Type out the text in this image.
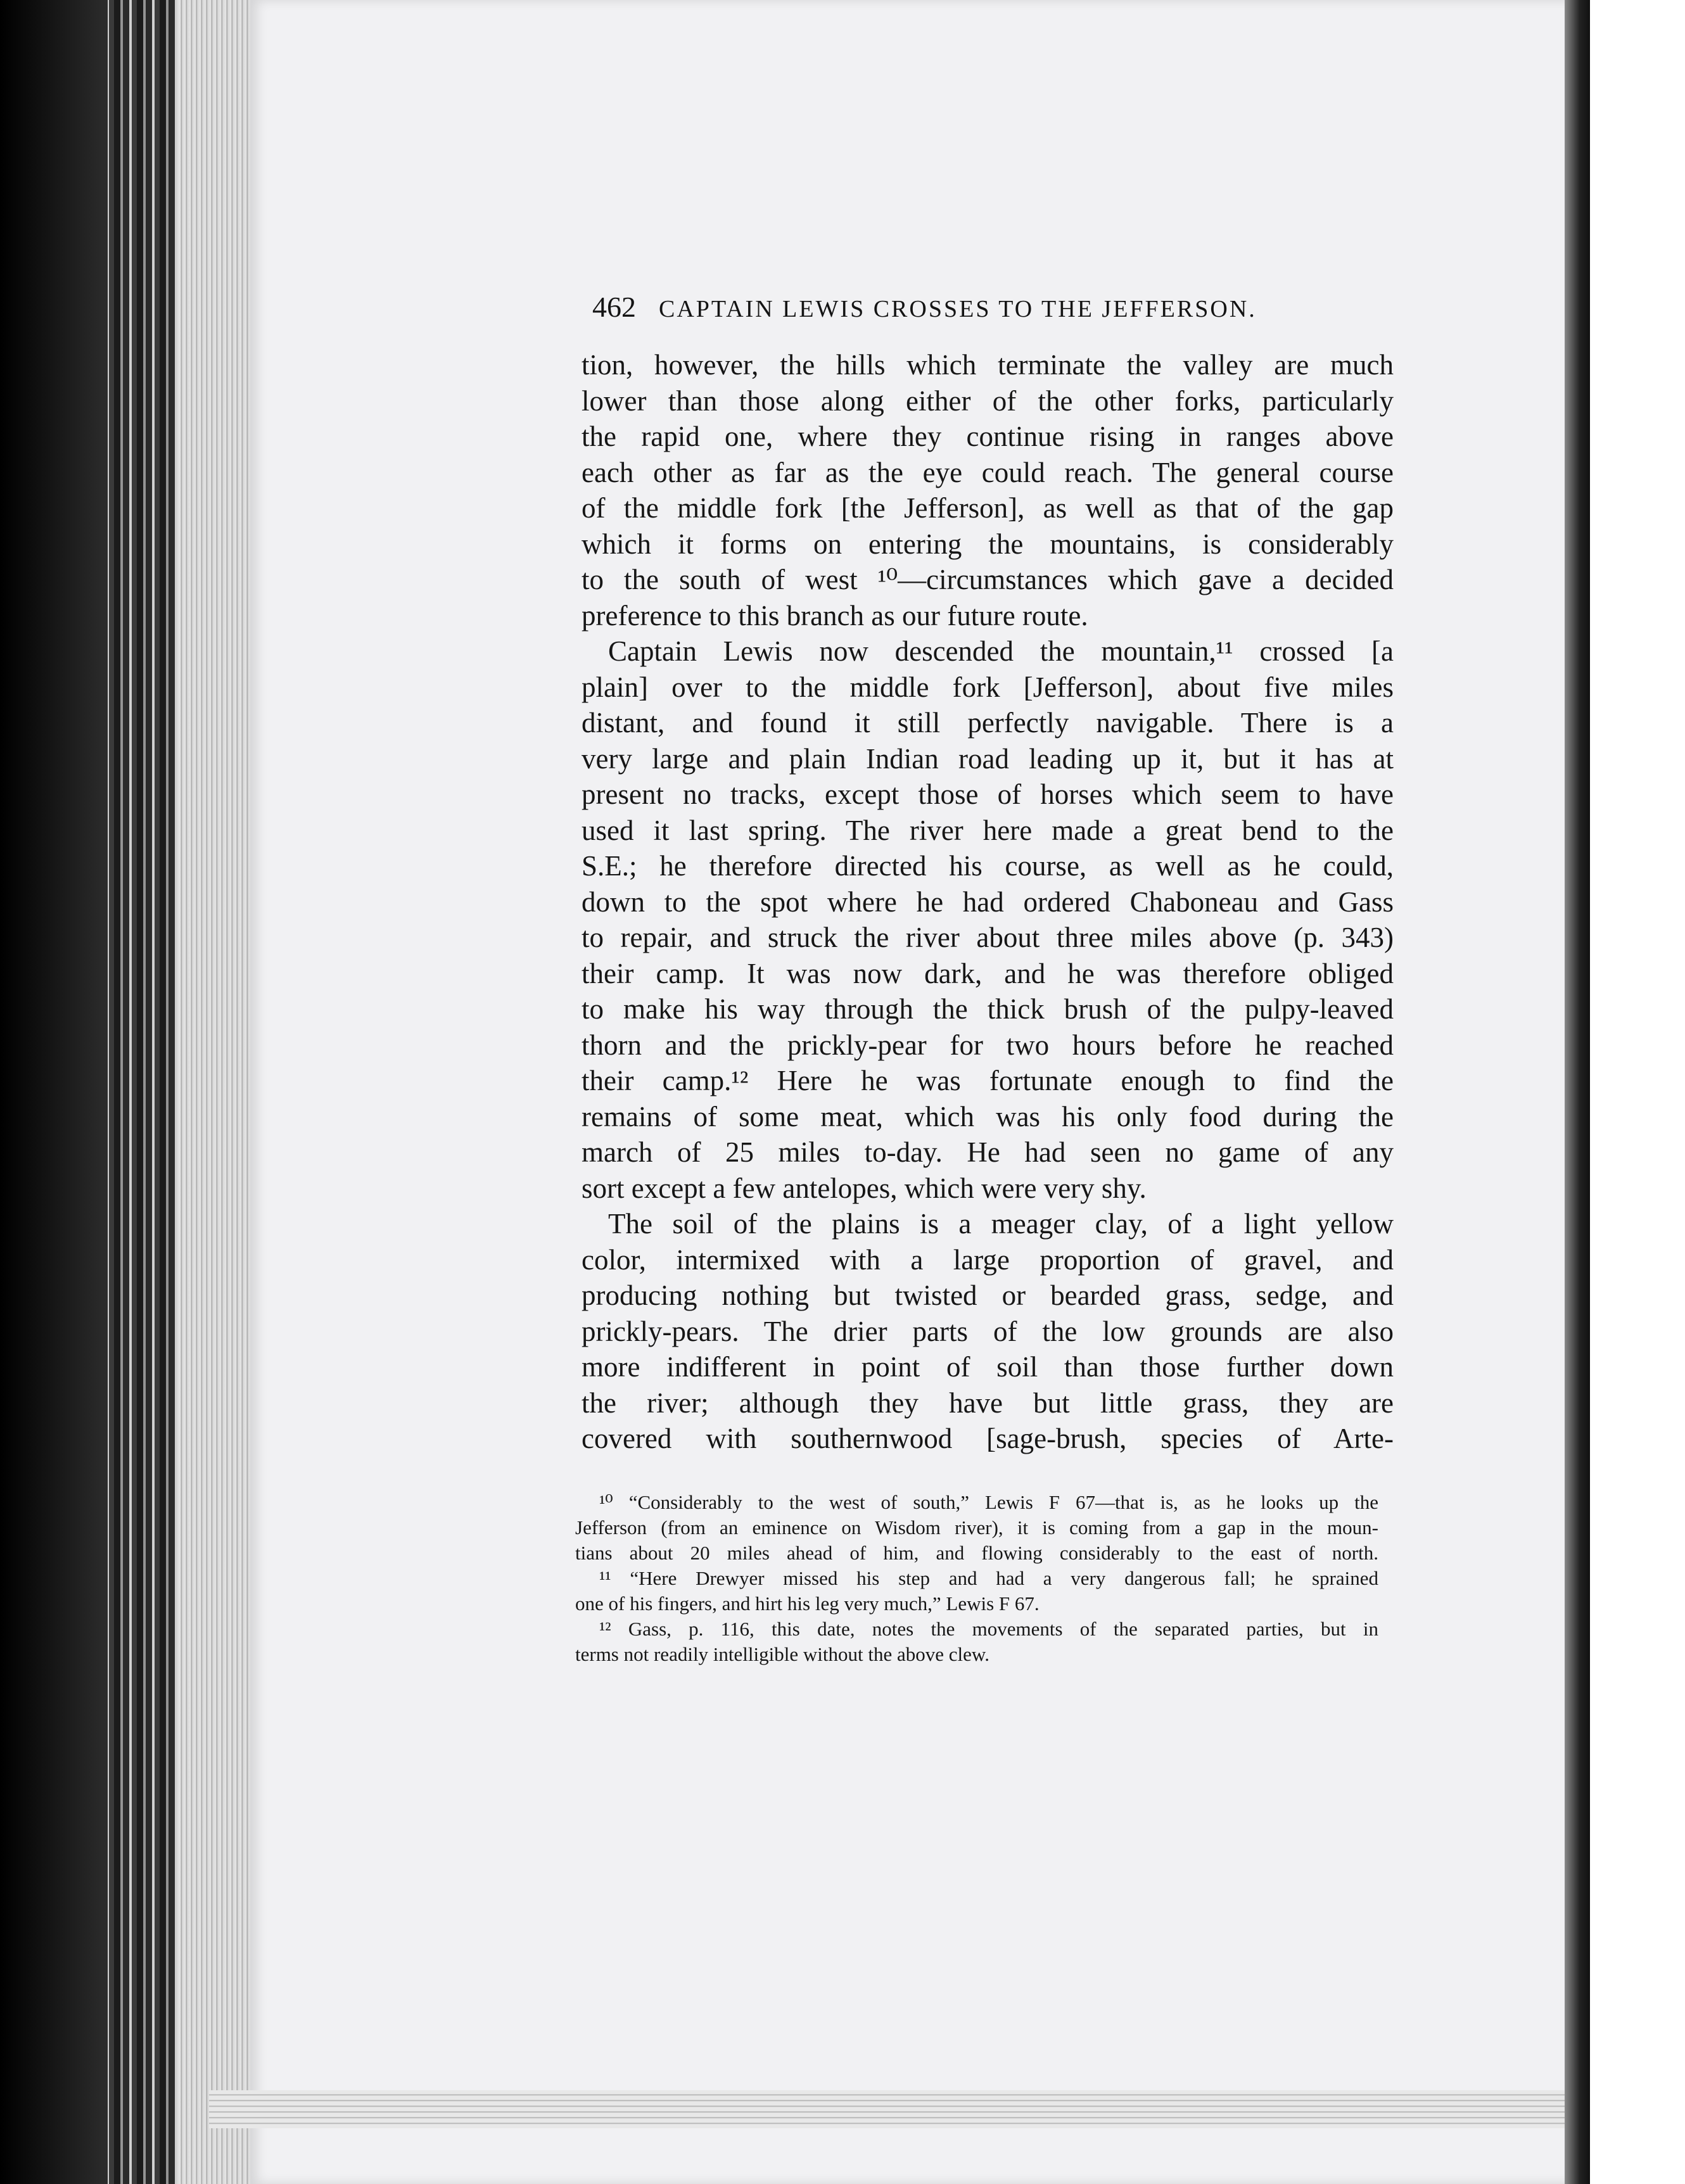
462 CAPTAIN LEWIS CROSSES TO THE JEFFERSON.
tion, however, the hills which terminate the valley are much
lower than those along either of the other forks, particularly
the rapid one, where they continue rising in ranges above
each other as far as the eye could reach. The general course
of the middle fork [the Jefferson], as well as that of the gap
which it forms on entering the mountains, is considerably
to the south of west ¹⁰—circumstances which gave a decided
preference to this branch as our future route.
Captain Lewis now descended the mountain,¹¹ crossed [a
plain] over to the middle fork [Jefferson], about five miles
distant, and found it still perfectly navigable. There is a
very large and plain Indian road leading up it, but it has at
present no tracks, except those of horses which seem to have
used it last spring. The river here made a great bend to the
S.E.; he therefore directed his course, as well as he could,
down to the spot where he had ordered Chaboneau and Gass
to repair, and struck the river about three miles above (p. 343)
their camp. It was now dark, and he was therefore obliged
to make his way through the thick brush of the pulpy-leaved
thorn and the prickly-pear for two hours before he reached
their camp.¹² Here he was fortunate enough to find the
remains of some meat, which was his only food during the
march of 25 miles to-day. He had seen no game of any
sort except a few antelopes, which were very shy.
The soil of the plains is a meager clay, of a light yellow
color, intermixed with a large proportion of gravel, and
producing nothing but twisted or bearded grass, sedge, and
prickly-pears. The drier parts of the low grounds are also
more indifferent in point of soil than those further down
the river; although they have but little grass, they are
covered with southernwood [sage-brush, species of Arte-
¹⁰ “Considerably to the west of south,” Lewis F 67—that is, as he looks up the
Jefferson (from an eminence on Wisdom river), it is coming from a gap in the moun-
tians about 20 miles ahead of him, and flowing considerably to the east of north.
¹¹ “Here Drewyer missed his step and had a very dangerous fall; he sprained
one of his fingers, and hirt his leg very much,” Lewis F 67.
¹² Gass, p. 116, this date, notes the movements of the separated parties, but in
terms not readily intelligible without the above clew.
